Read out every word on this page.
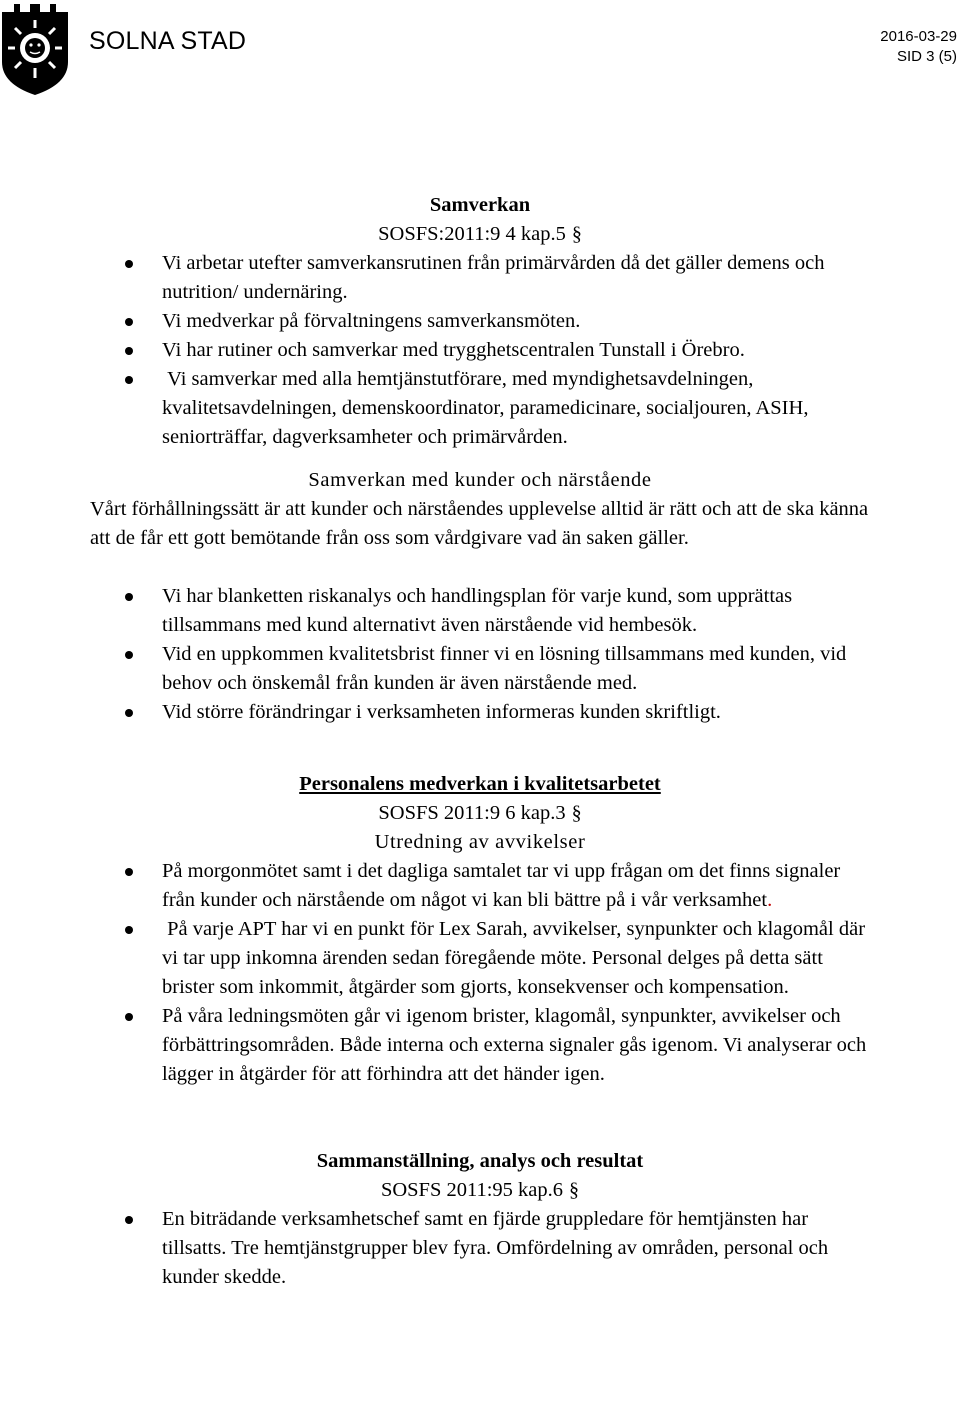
SOLNA STAD	2016-03-29
SID 3 (5)
Samverkan
SOSFS:2011:9 4 kap.5 §
Vi arbetar utefter samverkansrutinen från primärvården då det gäller demens och nutrition/ undernäring.
Vi medverkar på förvaltningens samverkansmöten.
Vi har rutiner och samverkar med trygghetscentralen Tunstall i Örebro.
Vi samverkar med alla hemtjänstutförare, med myndighetsavdelningen, kvalitetsavdelningen, demenskoordinator, paramedicinare, socialjouren, ASIH, seniorträffar, dagverksamheter och primärvården.
Samverkan med kunder och närstående

Vårt förhållningssätt är att kunder och närståendes upplevelse alltid är rätt och att de ska känna att de får ett gott bemötande från oss som vårdgivare vad än saken gäller.

Vi har blanketten riskanalys och handlingsplan för varje kund, som upprättas tillsammans med kund alternativt även närstående vid hembesök.
Vid en uppkommen kvalitetsbrist finner vi en lösning tillsammans med kunden, vid behov och önskemål från kunden är även närstående med.
Vid större förändringar i verksamheten informeras kunden skriftligt.
Personalens medverkan i kvalitetsarbetet
SOSFS 2011:9 6 kap.3 §
Utredning av avvikelser
På morgonmötet samt i det dagliga samtalet tar vi upp frågan om det finns signaler från kunder och närstående om något vi kan bli bättre på i vår verksamhet.
På varje APT har vi en punkt för Lex Sarah, avvikelser, synpunkter och klagomål där vi tar upp inkomna ärenden sedan föregående möte. Personal delges på detta sätt brister som inkommit, åtgärder som gjorts, konsekvenser och kompensation.
På våra ledningsmöten går vi igenom brister, klagomål, synpunkter, avvikelser och förbättringsområden. Både interna och externa signaler gås igenom. Vi analyserar och lägger in åtgärder för att förhindra att det händer igen.
Sammanställning, analys och resultat
SOSFS 2011:95 kap.6 §
En biträdande verksamhetschef samt en fjärde gruppledare för hemtjänsten har tillsatts. Tre hemtjänstgrupper blev fyra. Omfördelning av områden, personal och kunder skedde.
